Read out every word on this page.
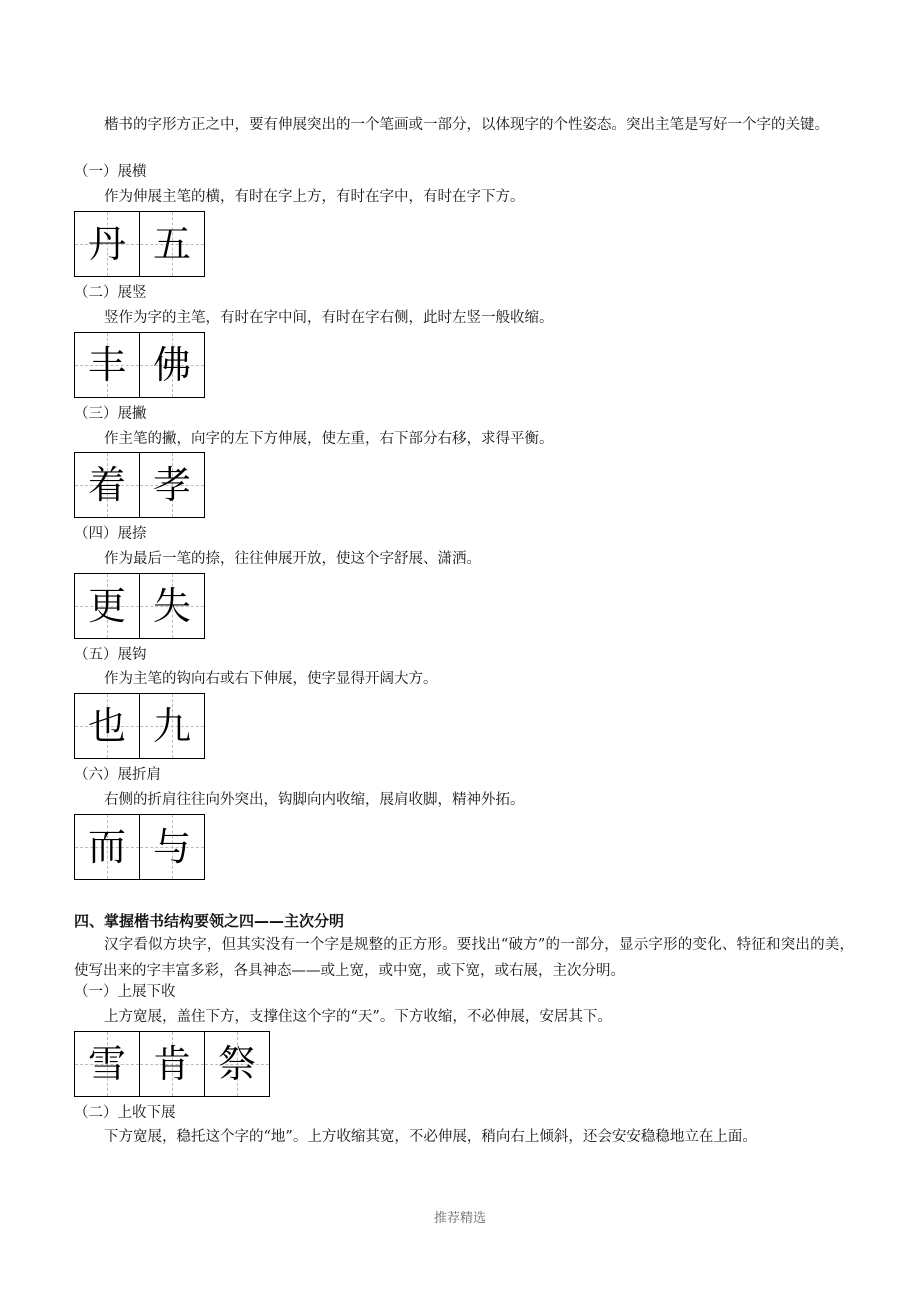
楷书的字形方正之中，要有伸展突出的一个笔画或一部分，以体现字的个性姿态。突出主笔是写好一个字的关键。
（一）展横
作为伸展主笔的横，有时在字上方，有时在字中，有时在字下方。
丹 五
（二）展竖
竖作为字的主笔，有时在字中间，有时在字右侧，此时左竖一般收缩。
丰 佛
（三）展撇
作主笔的撇，向字的左下方伸展，使左重，右下部分右移，求得平衡。
着 孝
（四）展捺
作为最后一笔的捺，往往伸展开放，使这个字舒展、潇洒。
更 失
（五）展钩
作为主笔的钩向右或右下伸展，使字显得开阔大方。
也 九
（六）展折肩
右侧的折肩往往向外突出，钩脚向内收缩，展肩收脚，精神外拓。
而 与
四、掌握楷书结构要领之四——主次分明
汉字看似方块字，但其实没有一个字是规整的正方形。要找出“破方”的一部分，显示字形的变化、特征和突出的美，使写出来的字丰富多彩，各具神态——或上宽，或中宽，或下宽，或右展，主次分明。
（一）上展下收
上方宽展，盖住下方，支撑住这个字的“天”。下方收缩，不必伸展，安居其下。
雪 肯 祭
（二）上收下展
下方宽展，稳托这个字的“地”。上方收缩其宽，不必伸展，稍向右上倾斜，还会安安稳稳地立在上面。
推荐精选
